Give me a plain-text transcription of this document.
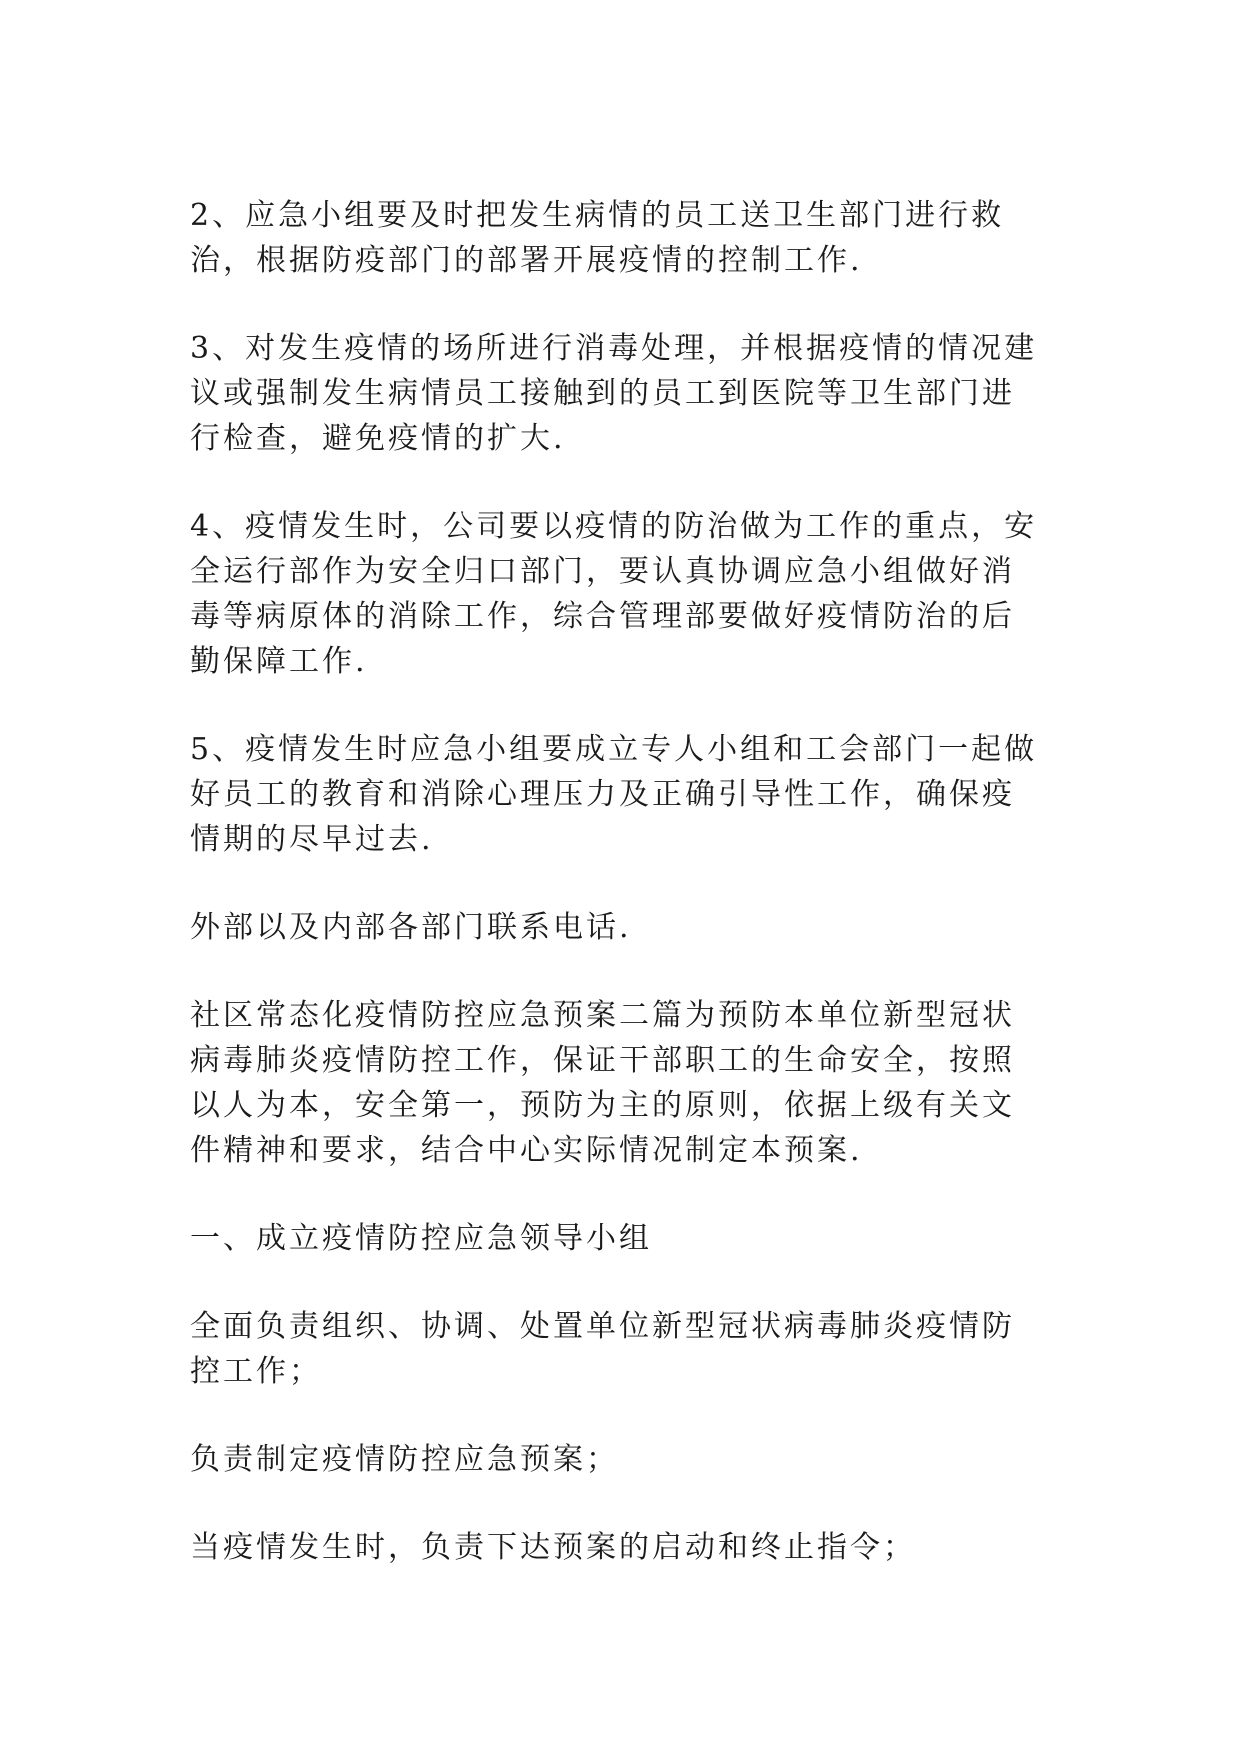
2、应急小组要及时把发生病情的员工送卫生部门进行救
治，根据防疫部门的部署开展疫情的控制工作.

3、对发生疫情的场所进行消毒处理，并根据疫情的情况建
议或强制发生病情员工接触到的员工到医院等卫生部门进
行检查，避免疫情的扩大.

4、疫情发生时，公司要以疫情的防治做为工作的重点，安
全运行部作为安全归口部门，要认真协调应急小组做好消
毒等病原体的消除工作，综合管理部要做好疫情防治的后
勤保障工作.

5、疫情发生时应急小组要成立专人小组和工会部门一起做
好员工的教育和消除心理压力及正确引导性工作，确保疫
情期的尽早过去.

外部以及内部各部门联系电话.

社区常态化疫情防控应急预案二篇为预防本单位新型冠状
病毒肺炎疫情防控工作，保证干部职工的生命安全，按照
以人为本，安全第一，预防为主的原则，依据上级有关文
件精神和要求，结合中心实际情况制定本预案.

一、成立疫情防控应急领导小组

全面负责组织、协调、处置单位新型冠状病毒肺炎疫情防
控工作；

负责制定疫情防控应急预案；

当疫情发生时，负责下达预案的启动和终止指令；
